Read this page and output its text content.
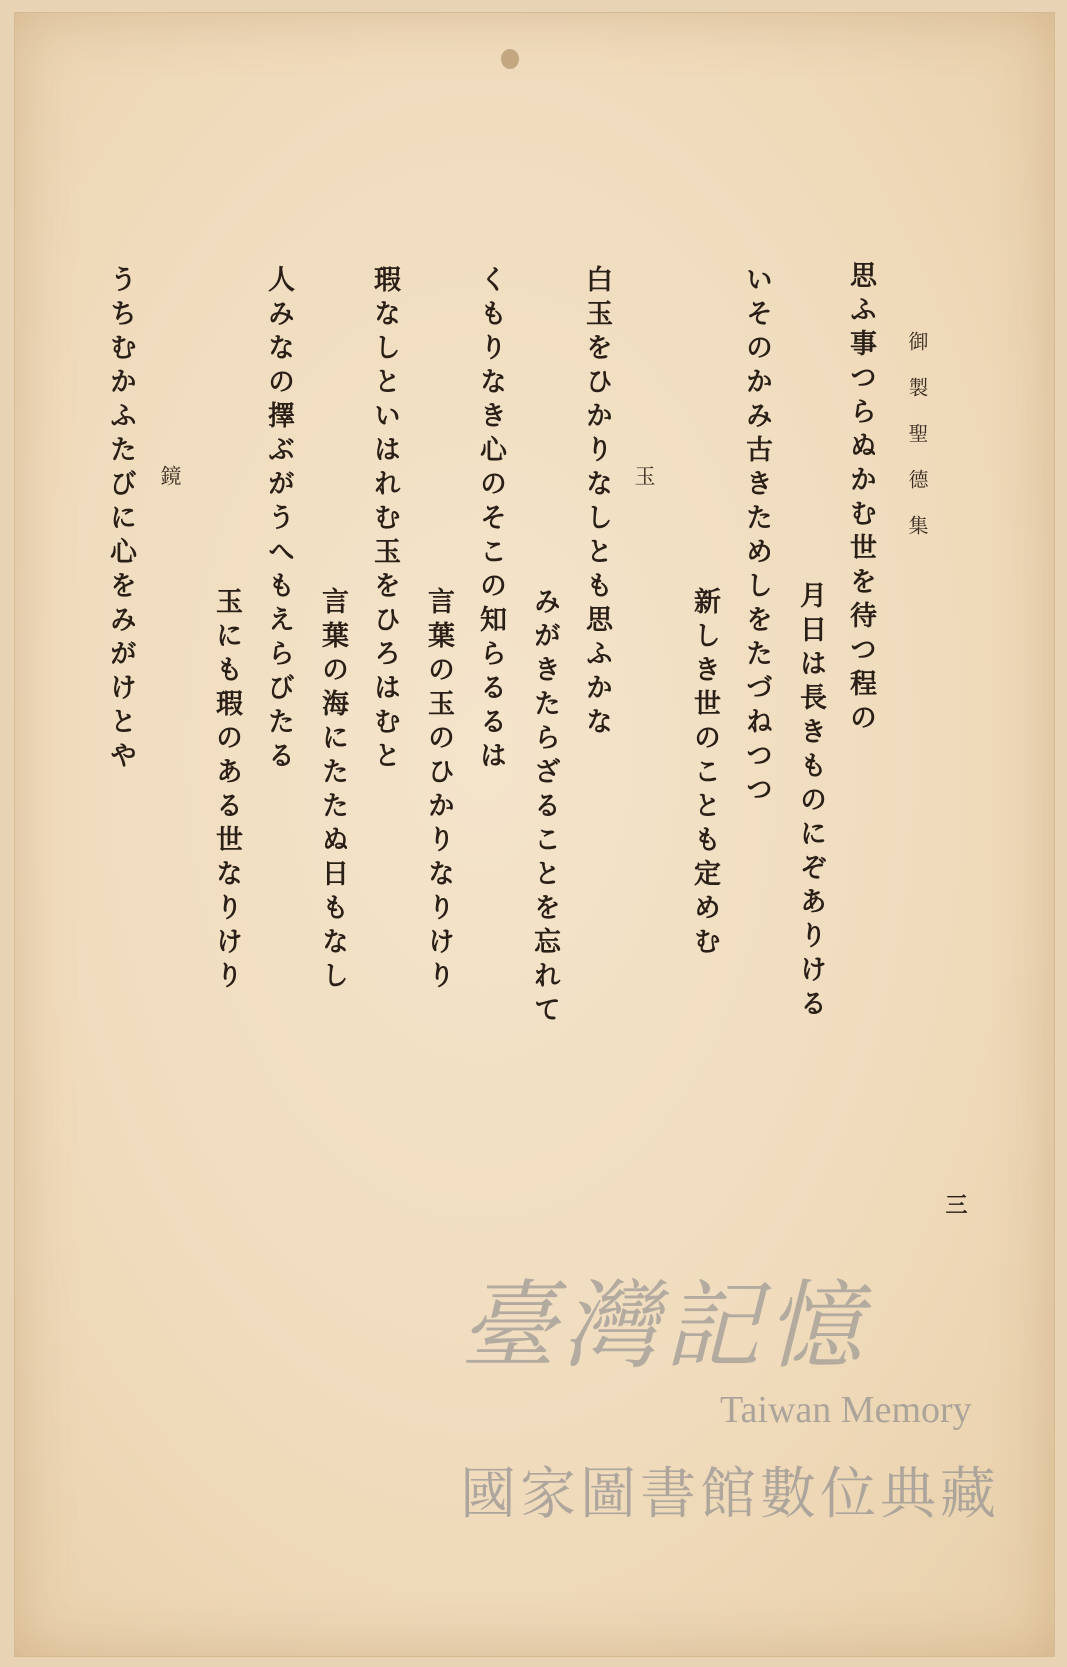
御製聖德集
思ふ事つらぬかむ世を待つ程の
月日は長きものにぞありける
いそのかみ古きためしをたづねつつ
新しき世のことも定めむ
玉
白玉をひかりなしとも思ふかな
みがきたらざることを忘れて
くもりなき心のそこの知らるるは
言葉の玉のひかりなりけり
瑕なしといはれむ玉をひろはむと
言葉の海にたたぬ日もなし
人みなの擇ぶがうへもえらびたる
玉にも瑕のある世なりけり
鏡
うちむかふたびに心をみがけとや
三
臺灣記憶
Taiwan Memory
國家圖書館數位典藏
